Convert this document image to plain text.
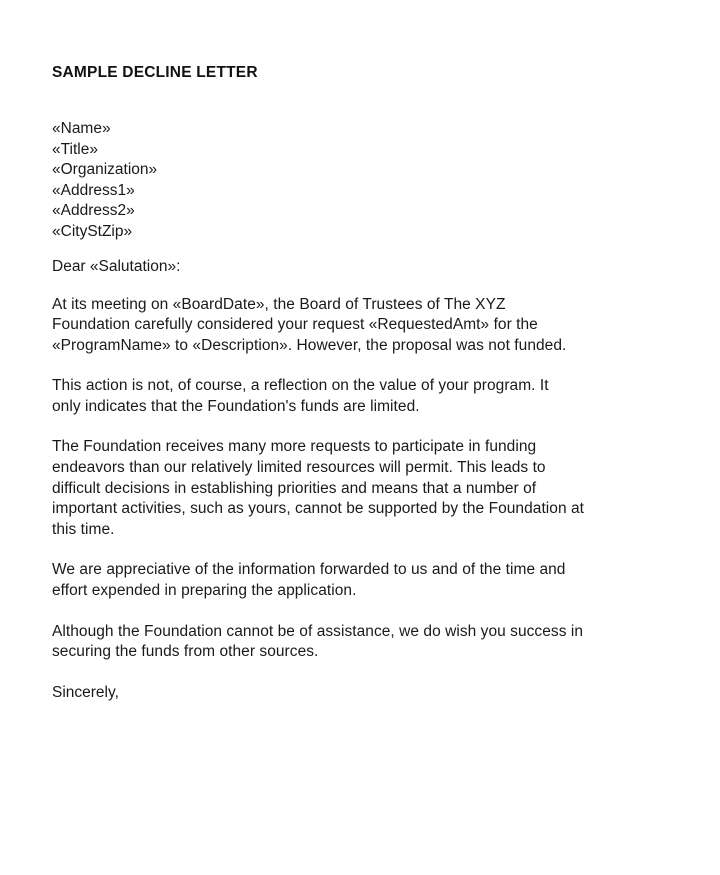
SAMPLE DECLINE LETTER
«Name»
«Title»
«Organization»
«Address1»
«Address2»
«CityStZip»
Dear «Salutation»:
At its meeting on «BoardDate», the Board of Trustees of The XYZ
Foundation carefully considered your request «RequestedAmt» for the
«ProgramName» to «Description». However, the proposal was not funded.
This action is not, of course, a reflection on the value of your program. It
only indicates that the Foundation's funds are limited.
The Foundation receives many more requests to participate in funding
endeavors than our relatively limited resources will permit. This leads to
difficult decisions in establishing priorities and means that a number of
important activities, such as yours, cannot be supported by the Foundation at
this time.
We are appreciative of the information forwarded to us and of the time and
effort expended in preparing the application.
Although the Foundation cannot be of assistance, we do wish you success in
securing the funds from other sources.
Sincerely,
